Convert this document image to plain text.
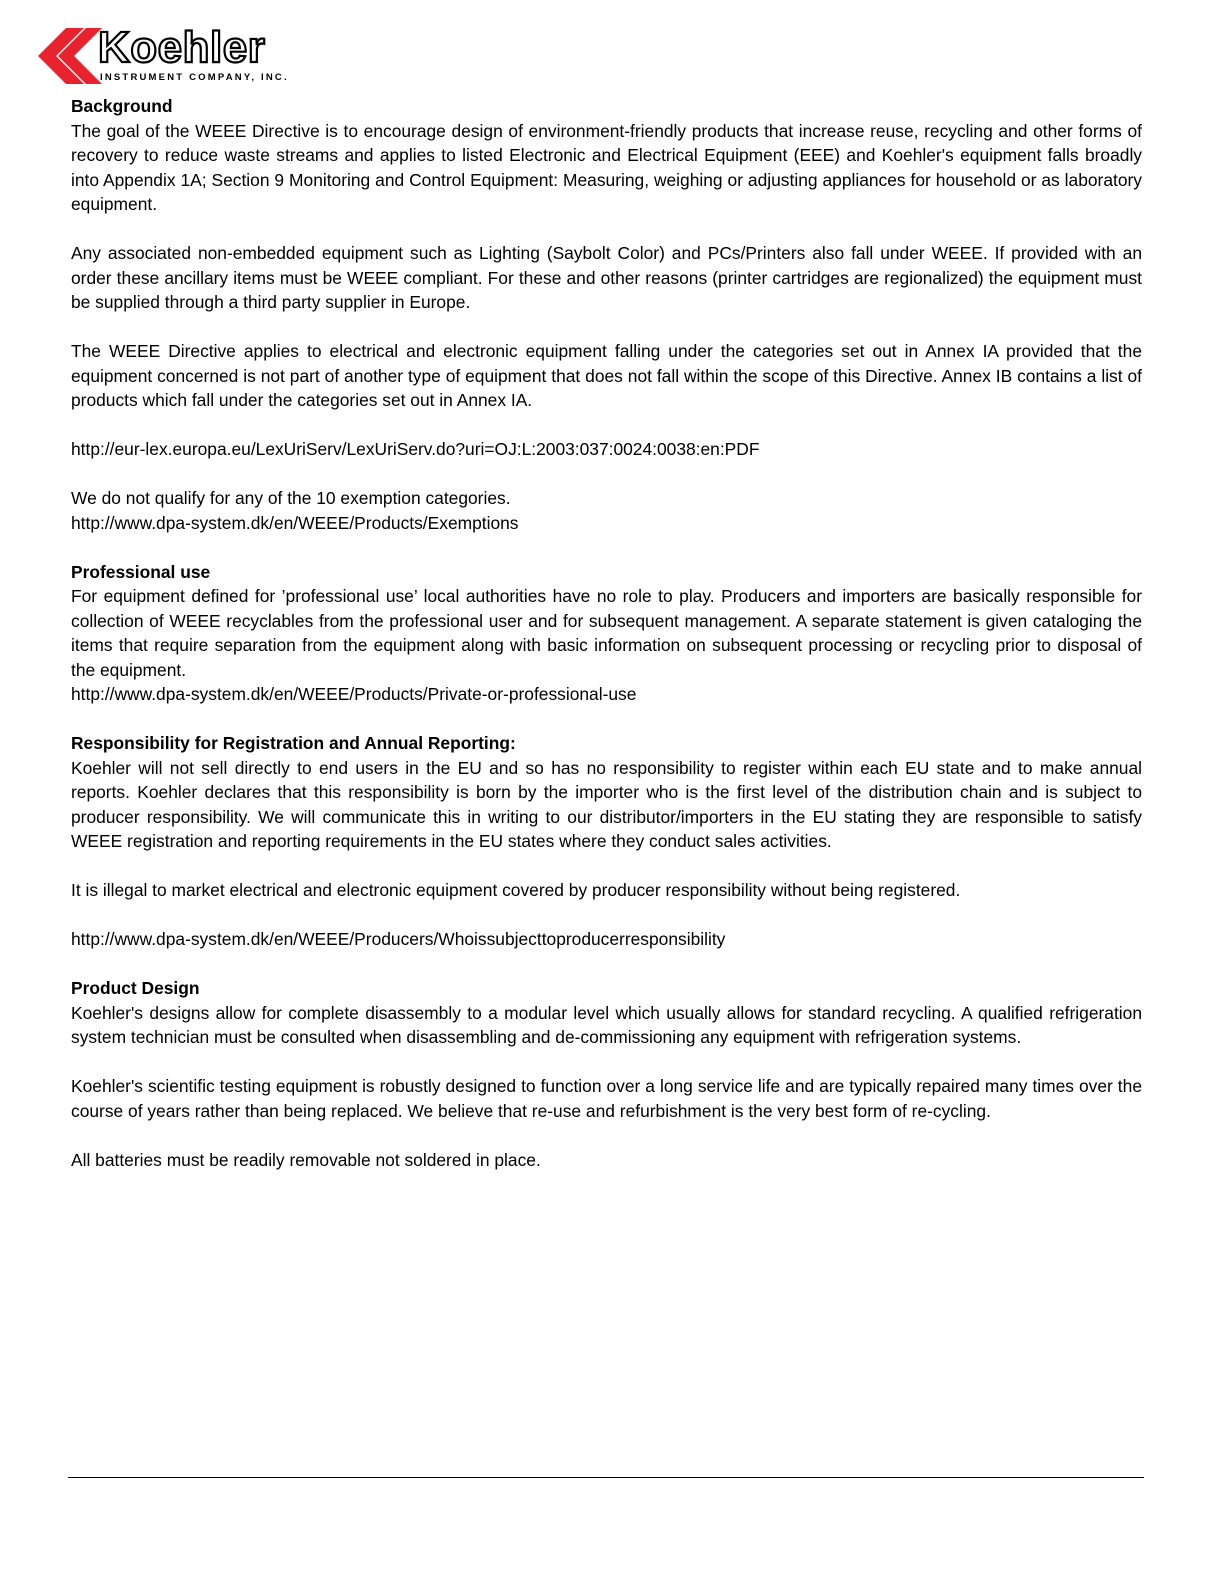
Koehler
INSTRUMENT COMPANY, INC.

Background

The goal of the WEEE Directive is to encourage design of environment-friendly products that increase reuse, recycling and other forms of recovery to reduce waste streams and applies to listed Electronic and Electrical Equipment (EEE) and Koehler's equipment falls broadly into Appendix 1A; Section 9 Monitoring and Control Equipment: Measuring, weighing or adjusting appliances for household or as laboratory equipment.

Any associated non-embedded equipment such as Lighting (Saybolt Color) and PCs/Printers also fall under WEEE. If provided with an order these ancillary items must be WEEE compliant. For these and other reasons (printer cartridges are regionalized) the equipment must be supplied through a third party supplier in Europe.

The WEEE Directive applies to electrical and electronic equipment falling under the categories set out in Annex IA provided that the equipment concerned is not part of another type of equipment that does not fall within the scope of this Directive. Annex IB contains a list of products which fall under the categories set out in Annex IA.

http://eur-lex.europa.eu/LexUriServ/LexUriServ.do?uri=OJ:L:2003:037:0024:0038:en:PDF

We do not qualify for any of the 10 exemption categories.

http://www.dpa-system.dk/en/WEEE/Products/Exemptions

Professional use

For equipment defined for ’professional use’ local authorities have no role to play. Producers and importers are basically responsible for collection of WEEE recyclables from the professional user and for subsequent management. A separate statement is given cataloging the items that require separation from the equipment along with basic information on subsequent processing or recycling prior to disposal of the equipment.

http://www.dpa-system.dk/en/WEEE/Products/Private-or-professional-use

Responsibility for Registration and Annual Reporting:

Koehler will not sell directly to end users in the EU and so has no responsibility to register within each EU state and to make annual reports. Koehler declares that this responsibility is born by the importer who is the first level of the distribution chain and is subject to producer responsibility. We will communicate this in writing to our distributor/importers in the EU stating they are responsible to satisfy WEEE registration and reporting requirements in the EU states where they conduct sales activities.

It is illegal to market electrical and electronic equipment covered by producer responsibility without being registered.

http://www.dpa-system.dk/en/WEEE/Producers/Whoissubjecttoproducerresponsibility

Product Design

Koehler's designs allow for complete disassembly to a modular level which usually allows for standard recycling. A qualified refrigeration system technician must be consulted when disassembling and de-commissioning any equipment with refrigeration systems.

Koehler's scientific testing equipment is robustly designed to function over a long service life and are typically repaired many times over the course of years rather than being replaced. We believe that re-use and refurbishment is the very best form of re-cycling.

All batteries must be readily removable not soldered in place.
